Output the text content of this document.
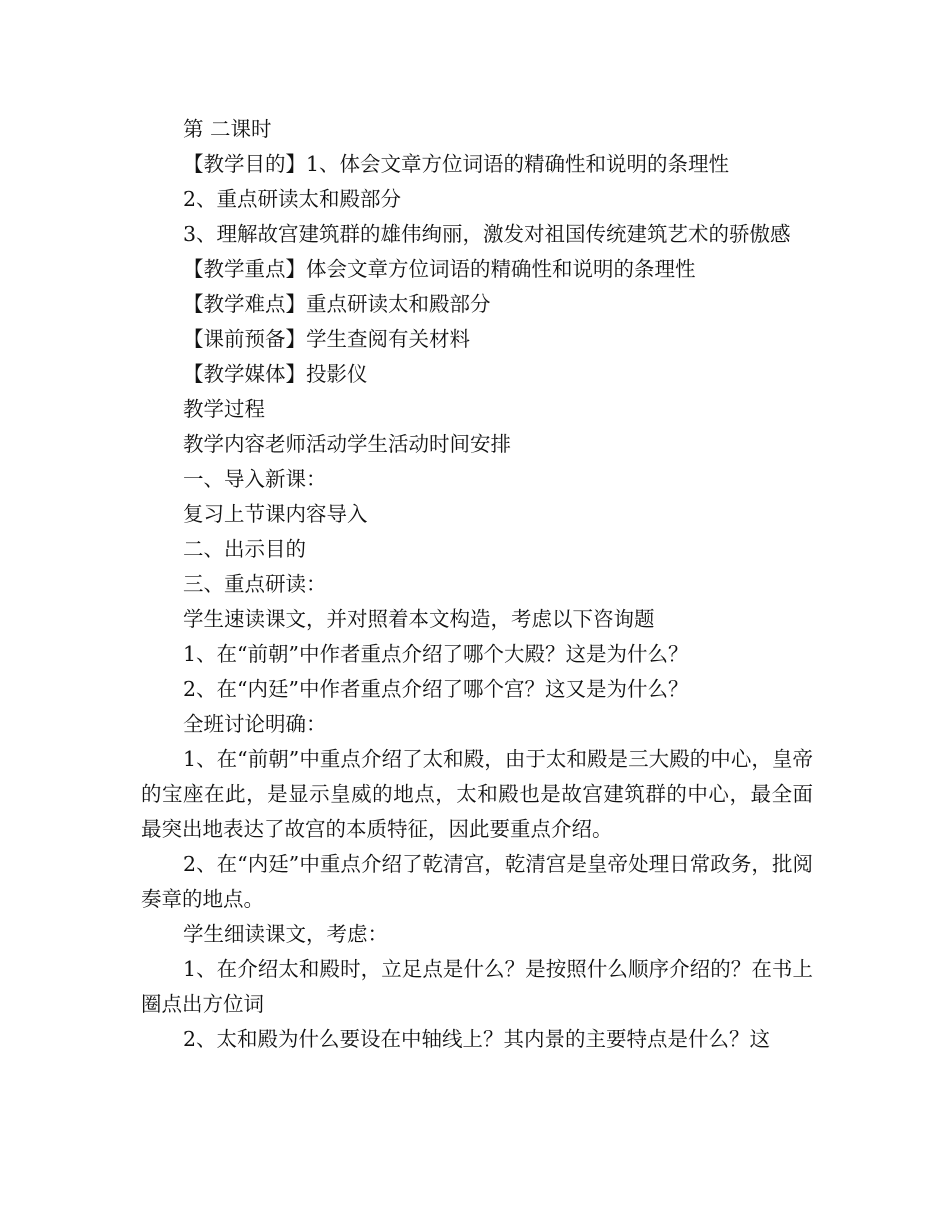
第 二课时

【教学目的】1、体会文章方位词语的精确性和说明的条理性

2、重点研读太和殿部分

3、理解故宫建筑群的雄伟绚丽，激发对祖国传统建筑艺术的骄傲感

【教学重点】体会文章方位词语的精确性和说明的条理性

【教学难点】重点研读太和殿部分

【课前预备】学生查阅有关材料

【教学媒体】投影仪

教学过程

教学内容老师活动学生活动时间安排

一、导入新课：

复习上节课内容导入

二、出示目的

三、重点研读：

学生速读课文，并对照着本文构造，考虑以下咨询题

1、在“前朝”中作者重点介绍了哪个大殿？这是为什么？

2、在“内廷”中作者重点介绍了哪个宫？这又是为什么？

全班讨论明确：

1、在“前朝”中重点介绍了太和殿，由于太和殿是三大殿的中心，皇帝的宝座在此，是显示皇威的地点，太和殿也是故宫建筑群的中心，最全面最突出地表达了故宫的本质特征，因此要重点介绍。

2、在“内廷”中重点介绍了乾清宫，乾清宫是皇帝处理日常政务，批阅奏章的地点。

学生细读课文，考虑：

1、在介绍太和殿时，立足点是什么？是按照什么顺序介绍的？在书上圈点出方位词

2、太和殿为什么要设在中轴线上？其内景的主要特点是什么？这
